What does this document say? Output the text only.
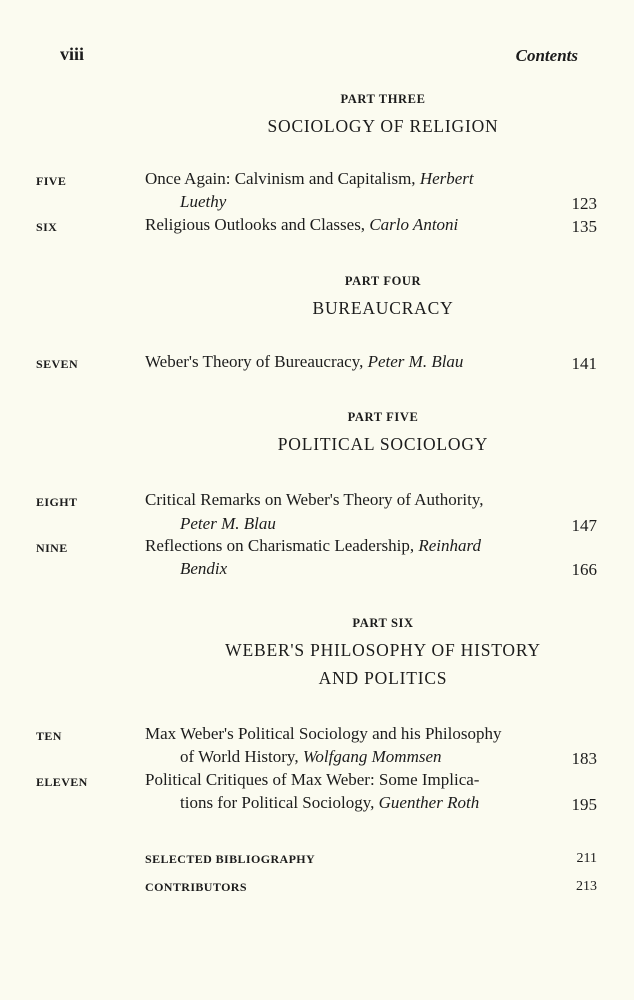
viii	Contents
PART THREE
SOCIOLOGY OF RELIGION
FIVE	Once Again: Calvinism and Capitalism, Herbert
Luethy	123
SIX	Religious Outlooks and Classes, Carlo Antoni	135
PART FOUR
BUREAUCRACY
SEVEN	Weber's Theory of Bureaucracy, Peter M. Blau	141
PART FIVE
POLITICAL SOCIOLOGY
EIGHT	Critical Remarks on Weber's Theory of Authority,
Peter M. Blau	147
NINE	Reflections on Charismatic Leadership, Reinhard
Bendix	166
PART SIX
WEBER'S PHILOSOPHY OF HISTORY
AND POLITICS
TEN	Max Weber's Political Sociology and his Philosophy
of World History, Wolfgang Mommsen	183
ELEVEN	Political Critiques of Max Weber: Some Implica-
tions for Political Sociology, Guenther Roth	195
SELECTED BIBLIOGRAPHY	211
CONTRIBUTORS	213
